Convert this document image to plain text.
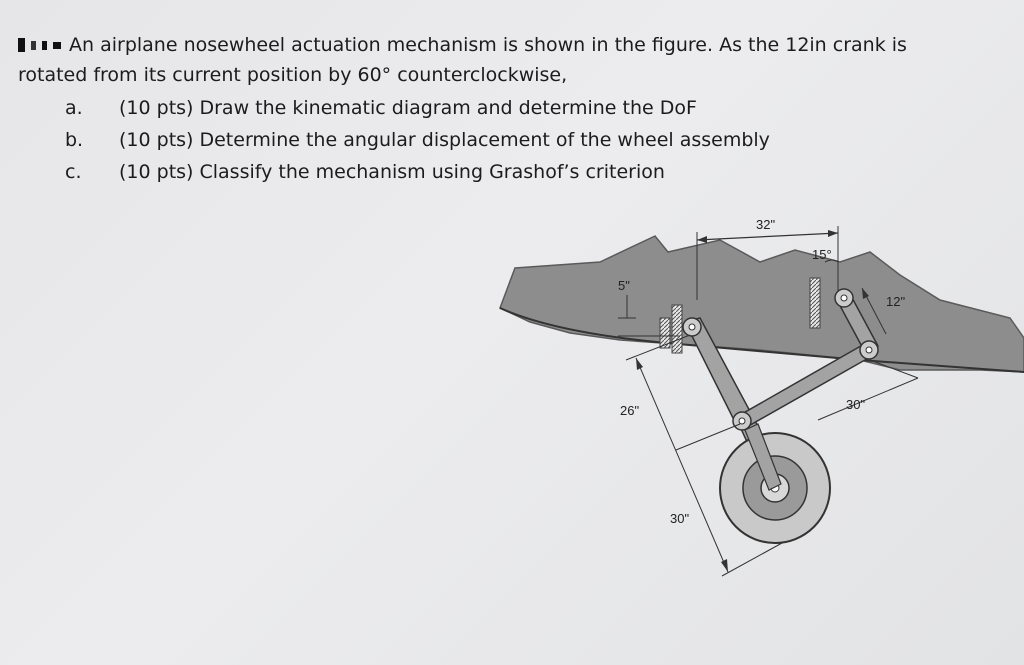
An airplane nosewheel actuation mechanism is shown in the figure. As the 12in crank is
rotated from its current position by 60° counterclockwise,
a.	(10 pts) Draw the kinematic diagram and determine the DoF
b.	(10 pts) Determine the angular displacement of the wheel assembly
c.	(10 pts) Classify the mechanism using Grashof’s criterion
32"
15°
5"
12"
30"
26"
30"
